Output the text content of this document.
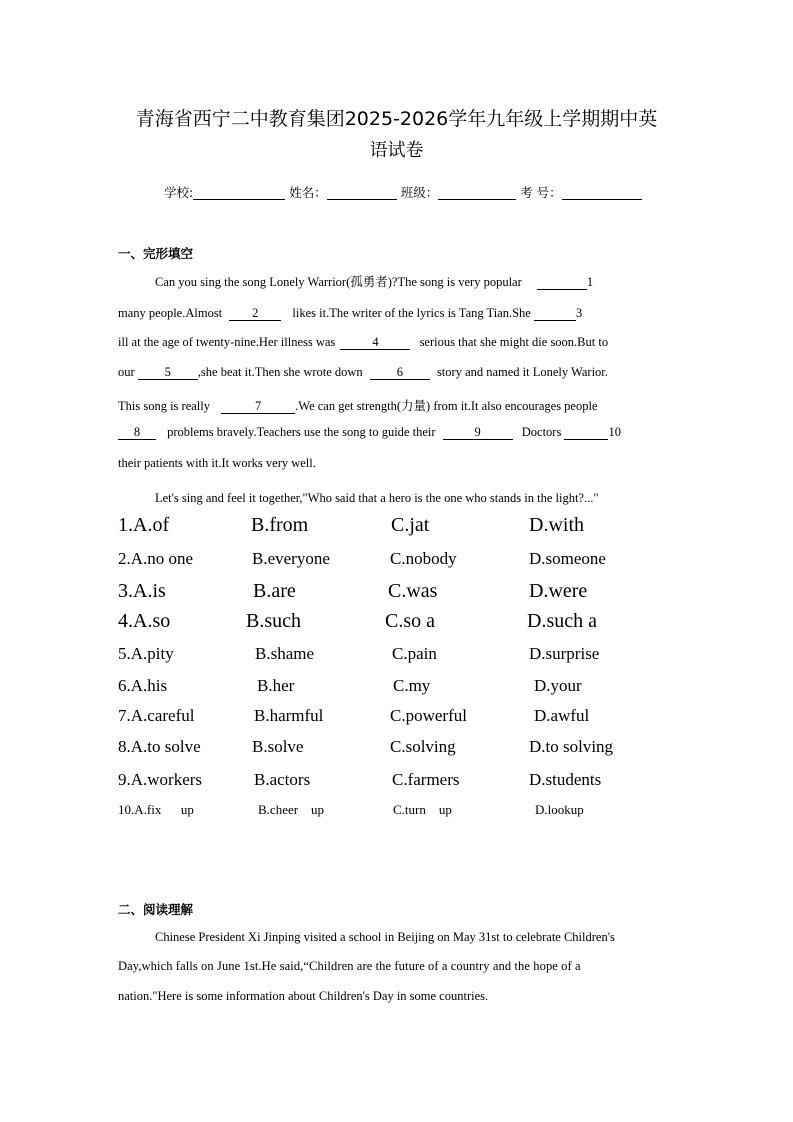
青海省西宁二中教育集团2025-2026学年九年级上学期期中英
语试卷
学校:	姓名：	班级：	考 号：
一、完形填空
Can you sing the song Lonely Warrior(孤勇者)?The song is very popular	1
many people.Almost 2 likes it.The writer of the lyrics is Tang Tian.She	3
ill at the age of twenty-nine.Her illness was	4	serious that she might die soon.But to
our 5 ,she beat it.Then she wrote down 6 story and named it Lonely Warior.
This song is really	7	.We can get strength(力量) from it.It also encourages people
8 problems bravely.Teachers use the song to guide their	9	Doctors	10
their patients with it.It works very well.
Let's sing and feel it together,"Who said that a hero is the one who stands in the light?..."
1.A.of	B.from	C.jat	D.with
2.A.no one	B.everyone	C.nobody	D.someone
3.A.is	B.are	C.was	D.were
4.A.so	B.such	C.so a	D.such a
5.A.pity	B.shame	C.pain	D.surprise
6.A.his	B.her	C.my	D.your
7.A.careful	B.harmful	C.powerful	D.awful
8.A.to solve	B.solve	C.solving	D.to solving
9.A.workers	B.actors	C.farmers	D.students
10.A.fix      up	B.cheer    up	C.turn    up	D.lookup
二、阅读理解
Chinese President Xi Jinping visited a school in Beijing on May 31st to celebrate Children's
Day,which falls on June 1st.He said,“Children are the future of a country and the hope of a
nation."Here is some information about Children's Day in some countries.
